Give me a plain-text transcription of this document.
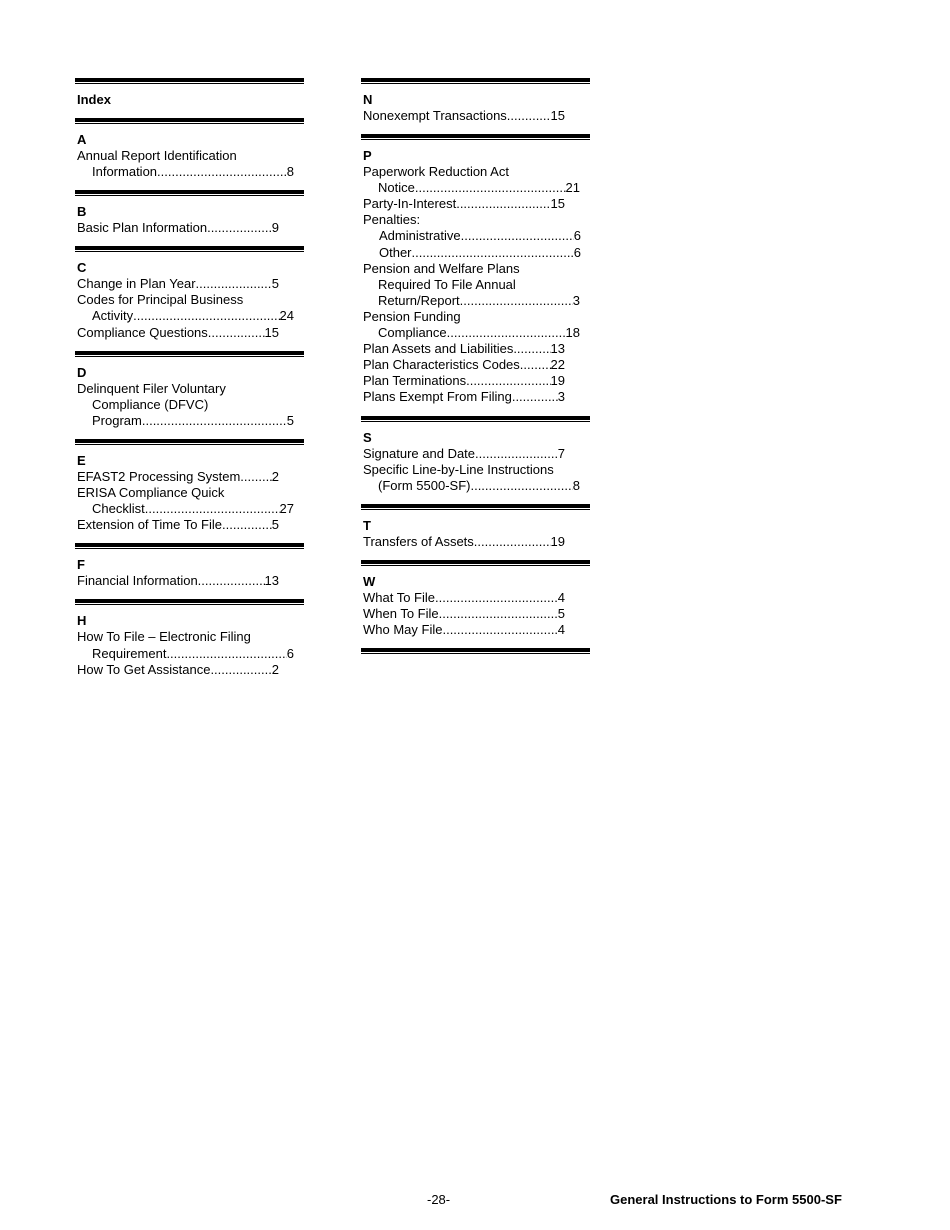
Index
A
Annual Report Identification
Information .....	8
B
Basic Plan Information .....	9
C
Change in Plan Year .....	5
Codes for Principal Business
Activity .....	24
Compliance Questions .....	15
D
Delinquent Filer Voluntary
Compliance (DFVC)
Program. .....	5
E
EFAST2 Processing System ..... 2
ERISA Compliance Quick
Checklist .....	27
Extension of Time To File .....	5
F
Financial Information. .....	13
H
How To File – Electronic Filing
Requirement .....	6
How To Get Assistance .....	2
N
Nonexempt Transactions .....	15
P
Paperwork Reduction Act
Notice .....	21
Party-In-Interest .....	15
Penalties:
Administrative .....	6
Other .....	6
Pension and Welfare Plans
Required To File Annual
Return/Report .....	3
Pension Funding
Compliance .....	18
Plan Assets and Liabilities .....	13
Plan Characteristics Codes ..... 22
Plan Terminations .....	19
Plans Exempt From Filing .....	3
S
Signature and Date .....	7
Specific Line-by-Line Instructions
(Form 5500-SF) .....	8
T
Transfers of Assets .....	19
W
What To File .....	4
When To File .....	5
Who May File .....	4
-28-	General Instructions to Form 5500-SF
